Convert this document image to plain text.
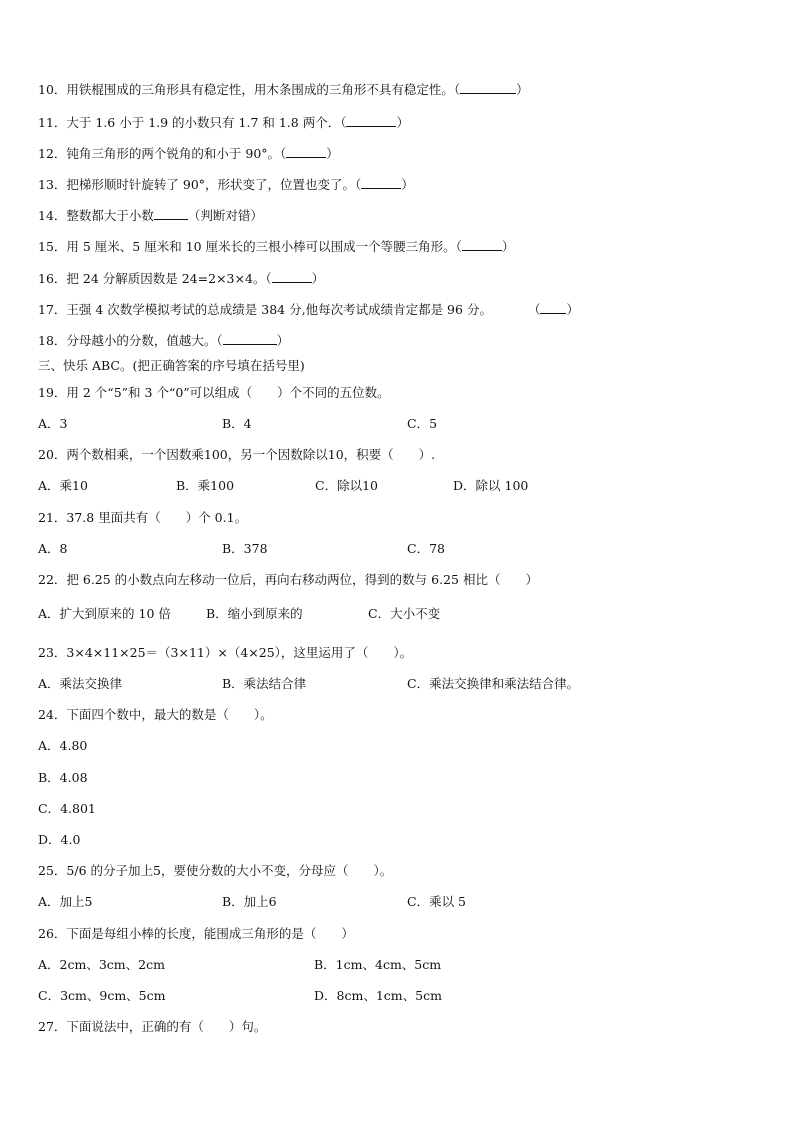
10．用铁棍围成的三角形具有稳定性，用木条围成的三角形不具有稳定性。（	）
11．大于 1.6 小于 1.9 的小数只有 1.7 和 1.8 两个．（	）
12．钝角三角形的两个锐角的和小于 90°。（	）
13．把梯形顺时针旋转了 90°，形状变了，位置也变了。（	）
14．整数都大于小数	（判断对错）
15．用 5 厘米、5 厘米和 10 厘米长的三根小棒可以围成一个等腰三角形。（	）
16．把 24 分解质因数是 24=2×3×4。（	）
17．王强 4 次数学模拟考试的总成绩是 384 分,他每次考试成绩肯定都是 96 分。	（ ）
18．分母越小的分数，值越大。（	）
三、快乐 ABC。(把正确答案的序号填在括号里)
19．用 2 个“5”和 3 个“0”可以组成（　　）个不同的五位数。
A．3	B．4	C．5
20．两个数相乘，一个因数乘100，另一个因数除以10，积要（　　）.
A．乘10	B．乘100	C．除以10	D．除以 100
21．37.8 里面共有（　　）个 0.1。
A．8	B．378	C．78
22．把 6.25 的小数点向左移动一位后，再向右移动两位，得到的数与 6.25 相比（　　）
A．扩大到原来的 10 倍	B．缩小到原来的	C．大小不变
23．3×4×11×25＝（3×11）×（4×25），这里运用了（　　）。
A．乘法交换律	B．乘法结合律	C．乘法交换律和乘法结合律。
24．下面四个数中，最大的数是（　　）。
A．4.80
B．4.08
C．4.801
D．4.0
25．5/6 的分子加上5，要使分数的大小不变，分母应（　　）。
A．加上5	B．加上6	C．乘以 5
26．下面是每组小棒的长度，能围成三角形的是（　　）
A．2cm、3cm、2cm	B．1cm、4cm、5cm
C．3cm、9cm、5cm	D．8cm、1cm、5cm
27．下面说法中，正确的有（　　）句。
